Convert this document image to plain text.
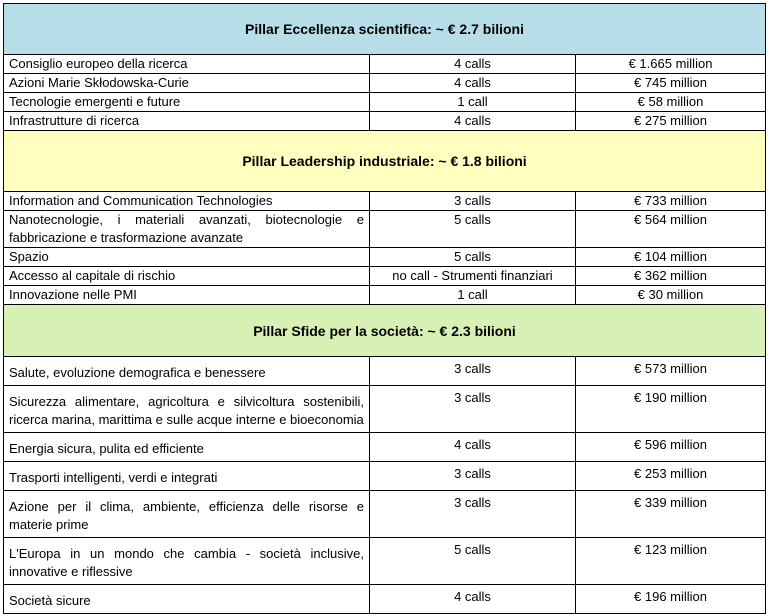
Pillar Eccellenza scientifica: ~ € 2.7 bilioni		
Consiglio europeo della ricerca	4 calls	€ 1.665 million
Azioni Marie Skłodowska-Curie	4 calls	€ 745 million
Tecnologie emergenti e future	1 call	€ 58 million
Infrastrutture di ricerca	4 calls	€ 275 million
Pillar Leadership industriale: ~ € 1.8 bilioni		
Information and Communication Technologies	3 calls	€ 733 million
Nanotecnologie, i materiali avanzati, biotecnologie e fabbricazione e trasformazione avanzate	5 calls	€ 564 million
Spazio	5 calls	€ 104 million
Accesso al capitale di rischio	no call - Strumenti finanziari	€ 362 million
Innovazione nelle PMI	1 call	€ 30 million
Pillar Sfide per la società: ~ € 2.3 bilioni		
Salute, evoluzione demografica e benessere	3 calls	€ 573 million
Sicurezza alimentare, agricoltura e silvicoltura sostenibili, ricerca marina, marittima e sulle acque interne e bioeconomia	3 calls	€ 190 million
Energia sicura, pulita ed efficiente	4 calls	€ 596 million
Trasporti intelligenti, verdi e integrati	3 calls	€ 253 million
Azione per il clima, ambiente, efficienza delle risorse e materie prime	3 calls	€ 339 million
L'Europa in un mondo che cambia - società inclusive, innovative e riflessive	5 calls	€ 123 million
Società sicure	4 calls	€ 196 million
